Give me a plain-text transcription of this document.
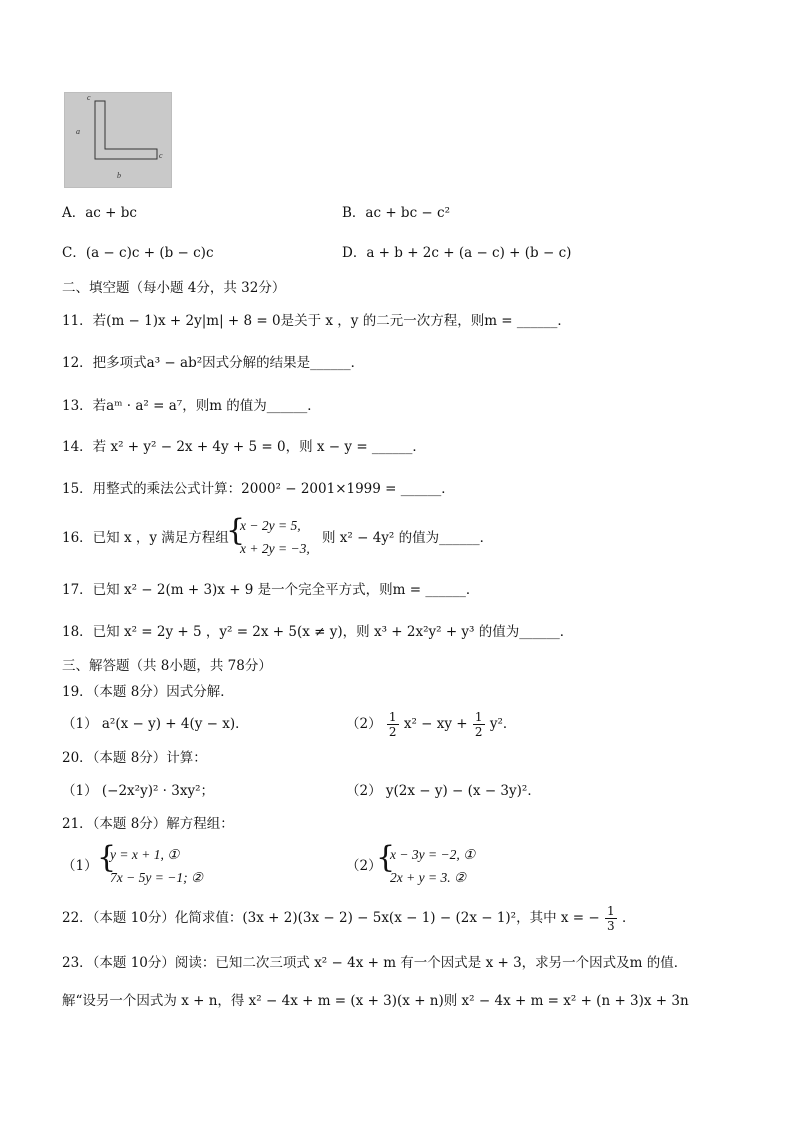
c
a
c
b
A．ac + bc	B．ac + bc − c²
C．(a − c)c + (b − c)c	D．a + b + 2c + (a − c) + (b − c)
二、填空题（每小题 4分，共 32分）
11．若(m − 1)x + 2y|m| + 8 = 0是关于 x ，y 的二元一次方程，则m = ______．
12．把多项式a³ − ab²因式分解的结果是______．
13．若aᵐ · a² = a⁷，则m 的值为______．
14．若 x² + y² − 2x + 4y + 5 = 0，则 x − y = ______．
15．用整式的乘法公式计算：2000² − 2001×1999 = ______．
16．已知 x ，y 满足方程组
{
x − 2y = 5,
x + 2y = −3,
则 x² − 4y² 的值为______．
17．已知 x² − 2(m + 3)x + 9 是一个完全平方式，则m = ______．
18．已知 x² = 2y + 5 ，y² = 2x + 5(x ≠ y)，则 x³ + 2x²y² + y³ 的值为______．
三、解答题（共 8小题，共 78分）
19．（本题 8分）因式分解．
（1） a²(x − y) + 4(y − x)．	$(2) \frac{1}{2} x^2$ − xy + $\frac{1}{2} y^2$．
20．（本题 8分）计算：
（1） (−2x²y)² · 3xy²；	（2） y(2x − y) − (x − 3y)²．
21．（本题 8分）解方程组：
（1） {
y = x + 1, ①
7x − 5y = −1; ②
（2）
{
x − 3y = −2, ①
2x + y = 3. ②
22．（本题 10分）化简求值：(3x + 2)(3x − 2) − 5x(x − 1) − (2x − 1)²，其中 x = − $\frac{1}{3}$ ．
23．（本题 10分）阅读：已知二次三项式 x² − 4x + m 有一个因式是 x + 3，求另一个因式及m 的值．
解“设另一个因式为 x + n，得 x² − 4x + m = (x + 3)(x + n)则 x² − 4x + m = x² + (n + 3)x + 3n
